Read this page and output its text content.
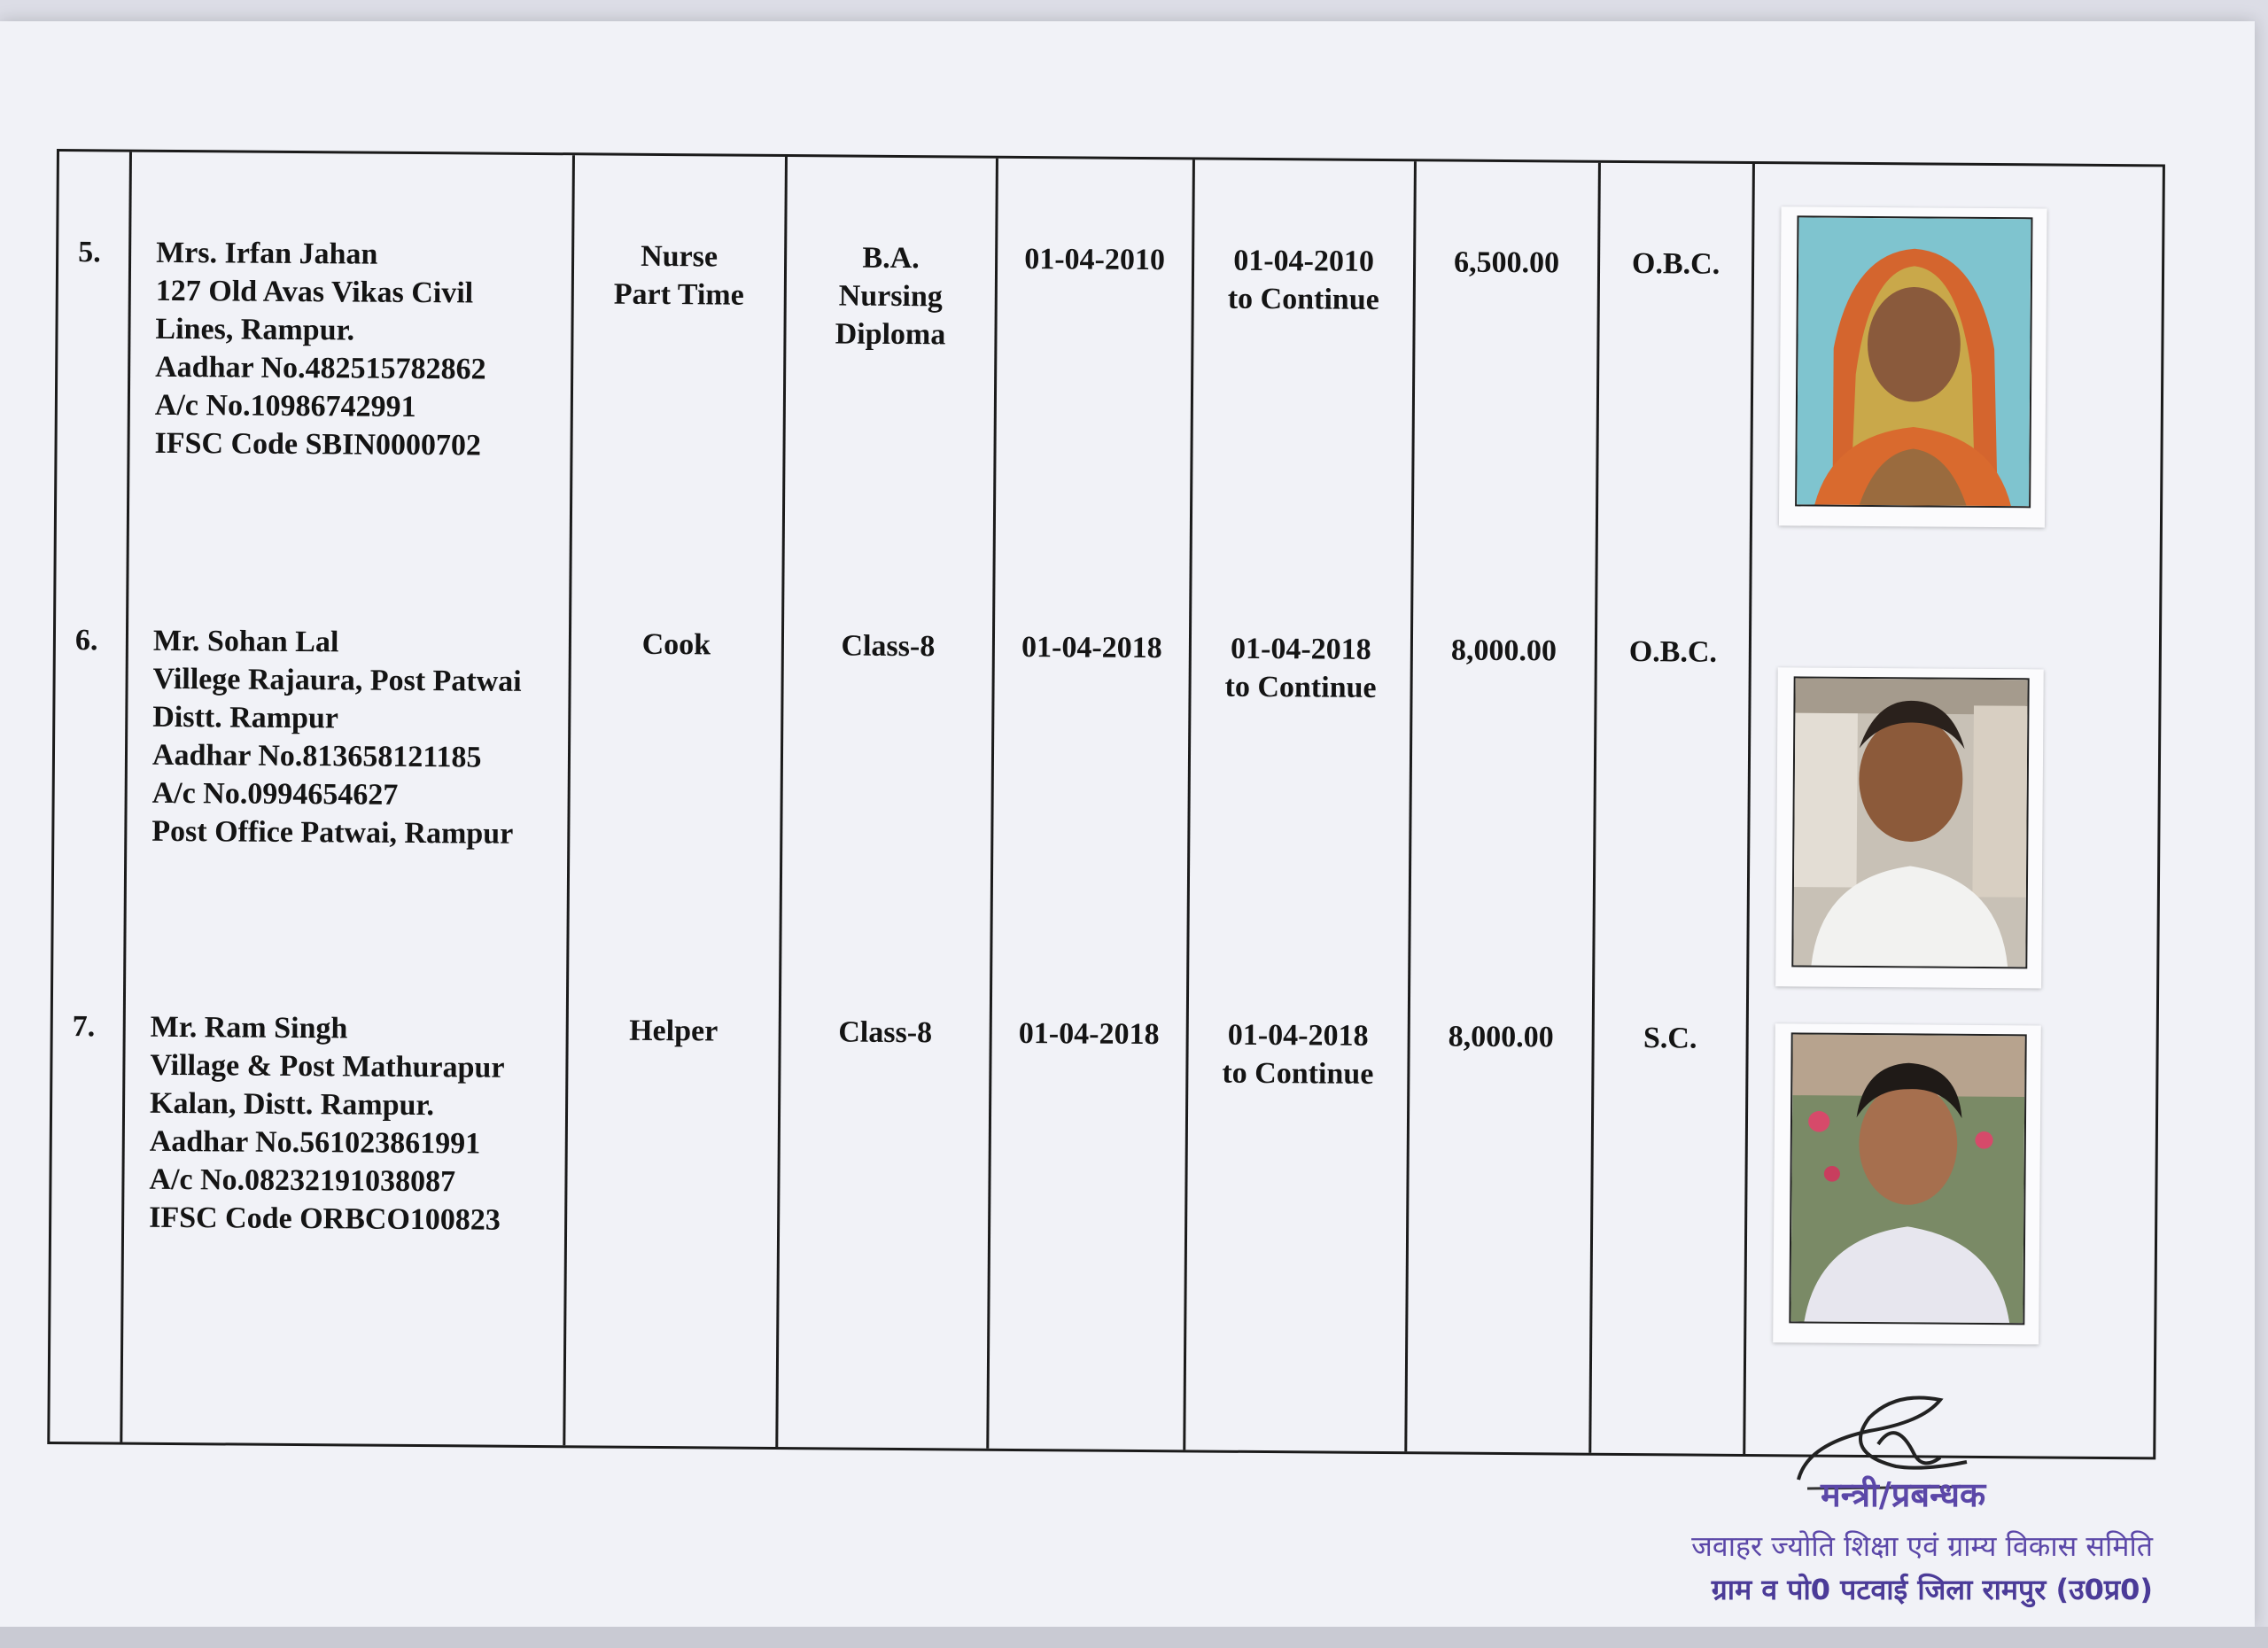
5.
6.
7.
Mrs. Irfan Jahan
127 Old Avas Vikas Civil
Lines, Rampur.
Aadhar No.482515782862
A/c No.10986742991
IFSC Code SBIN0000702
Mr. Sohan Lal
Villege Rajaura, Post Patwai
Distt. Rampur
Aadhar No.813658121185
A/c No.0994654627
Post Office Patwai, Rampur
Mr. Ram Singh
Village & Post Mathurapur
Kalan, Distt. Rampur.
Aadhar No.561023861991
A/c No.08232191038087
IFSC Code ORBCO100823
Nurse
Part Time
Cook
Helper
B.A.
Nursing
Diploma
Class-8
Class-8
01-04-2010
01-04-2018
01-04-2018
01-04-2010
to Continue
01-04-2018
to Continue
01-04-2018
to Continue
6,500.00
8,000.00
8,000.00
O.B.C.
O.B.C.
S.C.
मन्त्री/प्रबन्धक
जवाहर ज्योति शिक्षा एवं ग्राम्य विकास समिति
ग्राम व पो0 पटवाई जिला रामपुर (उ0प्र0)
